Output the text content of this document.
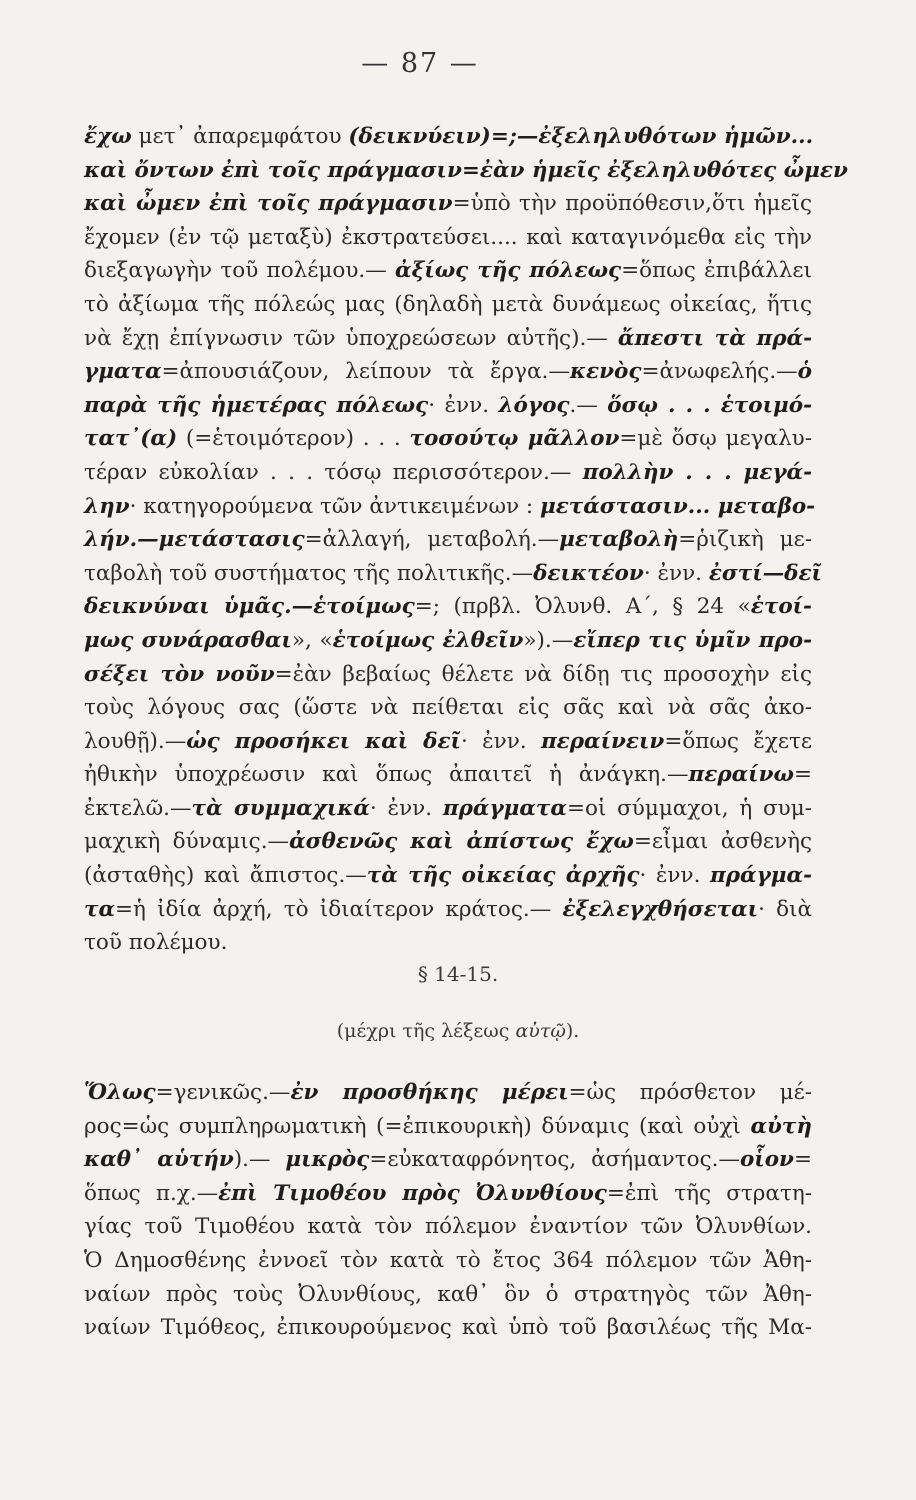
— 87 —
ἔχω μετ᾽ ἀπαρεμφάτου (δεικνύειν)=;—ἐξεληλυθότων ἡμῶν...
καὶ ὄντων ἐπὶ τοῖς πράγμασιν=ἐὰν ἡμεῖς ἐξεληλυθότες ὦμεν
καὶ ὦμεν ἐπὶ τοῖς πράγμασιν=ὑπὸ τὴν προϋπόθεσιν,ὅτι ἡμεῖς
ἔχομεν (ἐν τῷ μεταξὺ) ἐκστρατεύσει.... καὶ καταγινόμεθα εἰς τὴν
διεξαγωγὴν τοῦ πολέμου.— ἀξίως τῆς πόλεως=ὅπως ἐπιβάλλει
τὸ ἀξίωμα τῆς πόλεώς μας (δηλαδὴ μετὰ δυνάμεως οἰκείας, ἥτις
νὰ ἔχῃ ἐπίγνωσιν τῶν ὑποχρεώσεων αὐτῆς).— ἄπεστι τὰ πρά-
γματα=ἀπουσιάζουν, λείπουν τὰ ἔργα.—κενὸς=ἀνωφελής.—ὁ
παρὰ τῆς ἡμετέρας πόλεως· ἐνν. λόγος.— ὅσῳ . . . ἑτοιμό-
τατ᾽(α) (=ἑτοιμότερον) . . . τοσούτῳ μᾶλλον=μὲ ὅσῳ μεγαλυ-
τέραν εὐκολίαν . . . τόσῳ περισσότερον.— πολλὴν . . . μεγά-
λην· κατηγορούμενα τῶν ἀντικειμένων : μετάστασιν... μεταβο-
λήν.—μετάστασις=ἀλλαγή, μεταβολή.—μεταβολὴ=ῥιζικὴ με-
ταβολὴ τοῦ συστήματος τῆς πολιτικῆς.—δεικτέον· ἐνν. ἐστί—δεῖ
δεικνύναι ὑμᾶς.—ἑτοίμως=; (πρβλ. Ὀλυνθ. Α΄, § 24 «ἑτοί-
μως συνάρασθαι», «ἑτοίμως ἐλθεῖν»).—εἴπερ τις ὑμῖν προ-
σέξει τὸν νοῦν=ἐὰν βεβαίως θέλετε νὰ δίδῃ τις προσοχὴν εἰς
τοὺς λόγους σας (ὥστε νὰ πείθεται εἰς σᾶς καὶ νὰ σᾶς ἀκο-
λουθῇ).—ὡς προσήκει καὶ δεῖ· ἐνν. περαίνειν=ὅπως ἔχετε
ἠθικὴν ὑποχρέωσιν καὶ ὅπως ἀπαιτεῖ ἡ ἀνάγκη.—περαίνω=
ἐκτελῶ.—τὰ συμμαχικά· ἐνν. πράγματα=οἱ σύμμαχοι, ἡ συμ-
μαχικὴ δύναμις.—ἀσθενῶς καὶ ἀπίστως ἔχω=εἶμαι ἀσθενὴς
(ἀσταθὴς) καὶ ἄπιστος.—τὰ τῆς οἰκείας ἀρχῆς· ἐνν. πράγμα-
τα=ἡ ἰδία ἀρχή, τὸ ἰδιαίτερον κράτος.— ἐξελεγχθήσεται· διὰ
τοῦ πολέμου.
§ 14-15.
(μέχρι τῆς λέξεως αὐτῷ).
Ὅλως=γενικῶς.—ἐν προσθήκης μέρει=ὡς πρόσθετον μέ-
ρος=ὡς συμπληρωματικὴ (=ἐπικουρικὴ) δύναμις (καὶ οὐχὶ αὐτὴ
καθ᾽ αὑτήν).— μικρὸς=εὐκαταφρόνητος, ἀσήμαντος.—οἷον=
ὅπως π.χ.—ἐπὶ Τιμοθέου πρὸς Ὀλυνθίους=ἐπὶ τῆς στρατη-
γίας τοῦ Τιμοθέου κατὰ τὸν πόλεμον ἐναντίον τῶν Ὀλυνθίων.
Ὁ Δημοσθένης ἐννοεῖ τὸν κατὰ τὸ ἔτος 364 πόλεμον τῶν Ἀθη-
ναίων πρὸς τοὺς Ὀλυνθίους, καθ᾽ ὃν ὁ στρατηγὸς τῶν Ἀθη-
ναίων Τιμόθεος, ἐπικουρούμενος καὶ ὑπὸ τοῦ βασιλέως τῆς Μα-
